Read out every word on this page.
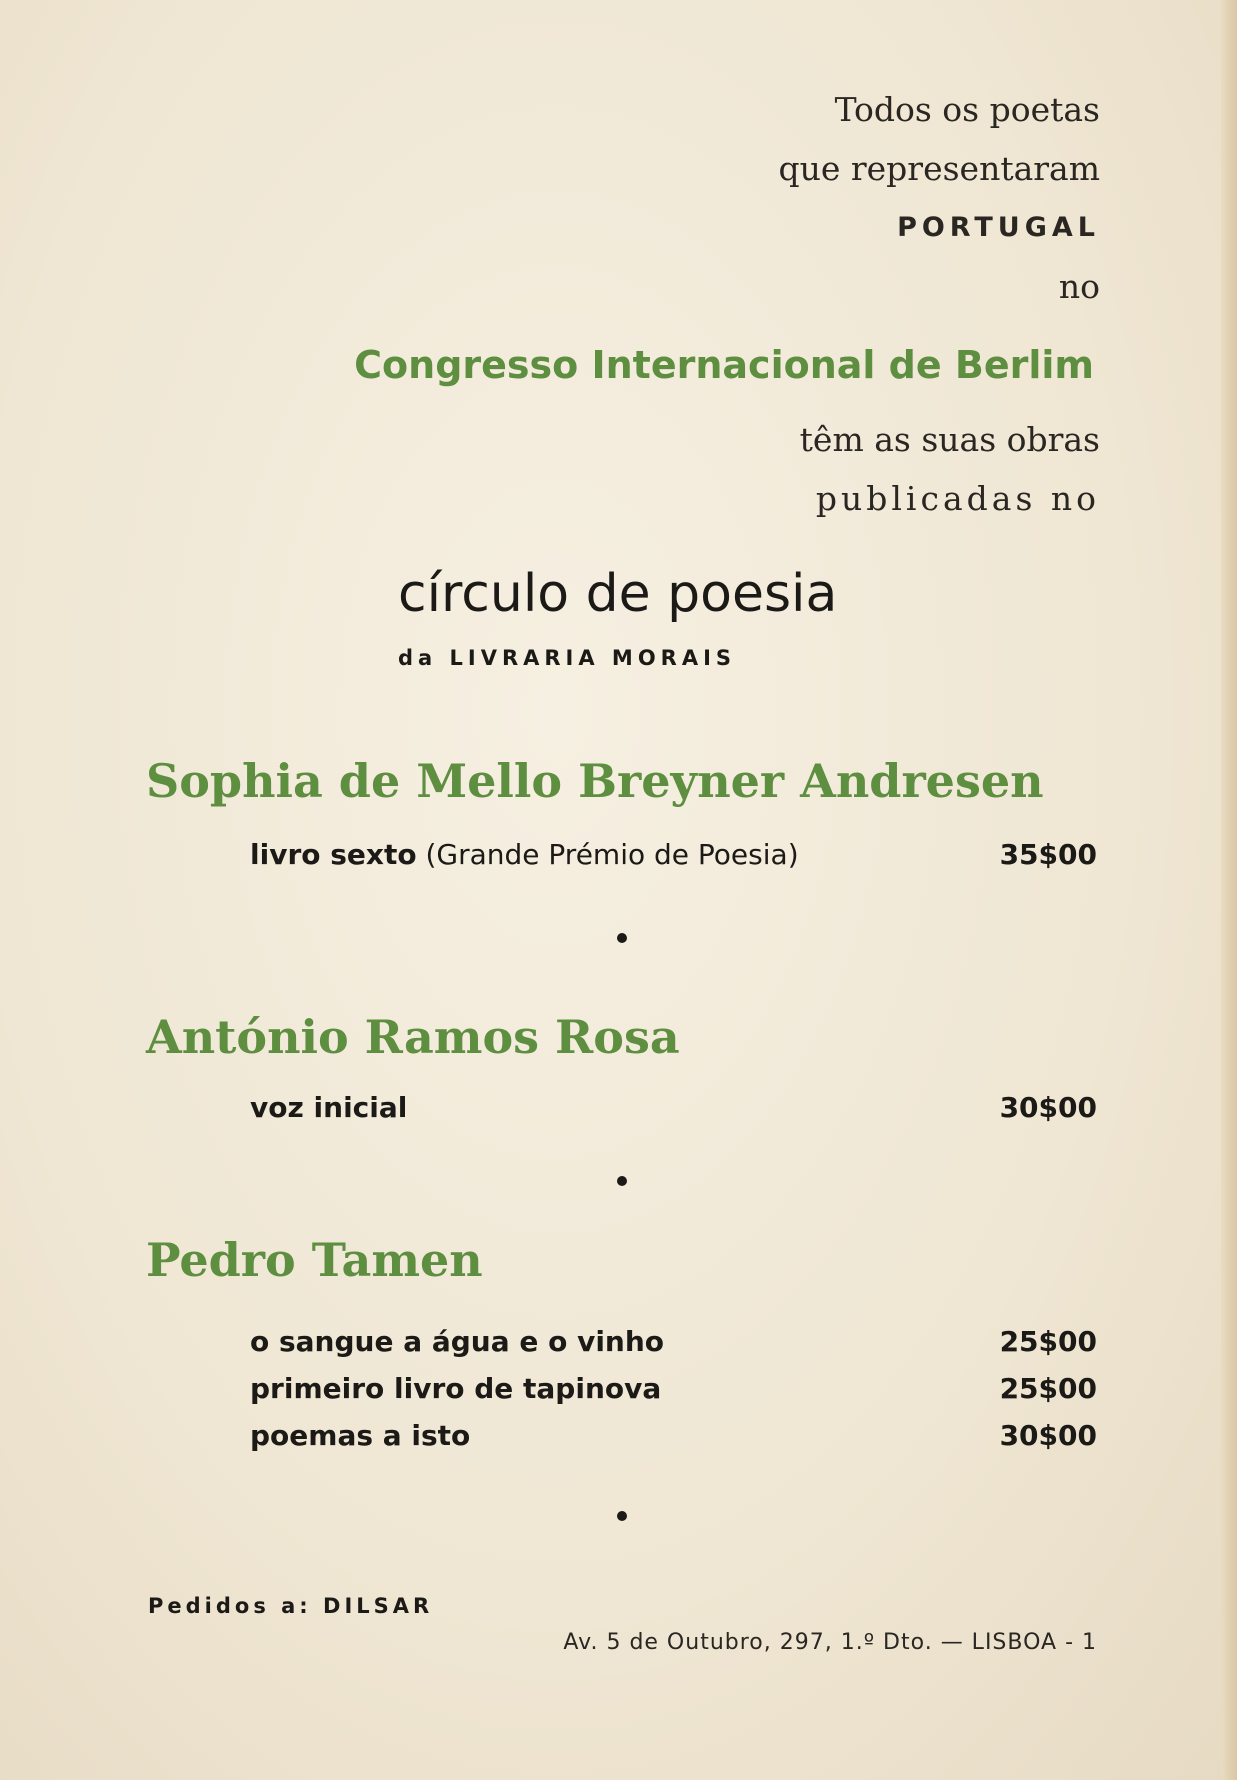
Todos os poetas
que representaram
PORTUGAL
no
Congresso Internacional de Berlim
têm as suas obras
publicadas no
círculo de poesia
da LIVRARIA MORAIS
Sophia de Mello Breyner Andresen
livro sexto (Grande Prémio de Poesia)	35$00
António Ramos Rosa
voz inicial	30$00
Pedro Tamen
o sangue a água e o vinho	25$00
primeiro livro de tapinova	25$00
poemas a isto	30$00
Pedidos a: DILSAR
Av. 5 de Outubro, 297, 1.º Dto. — LISBOA - 1
